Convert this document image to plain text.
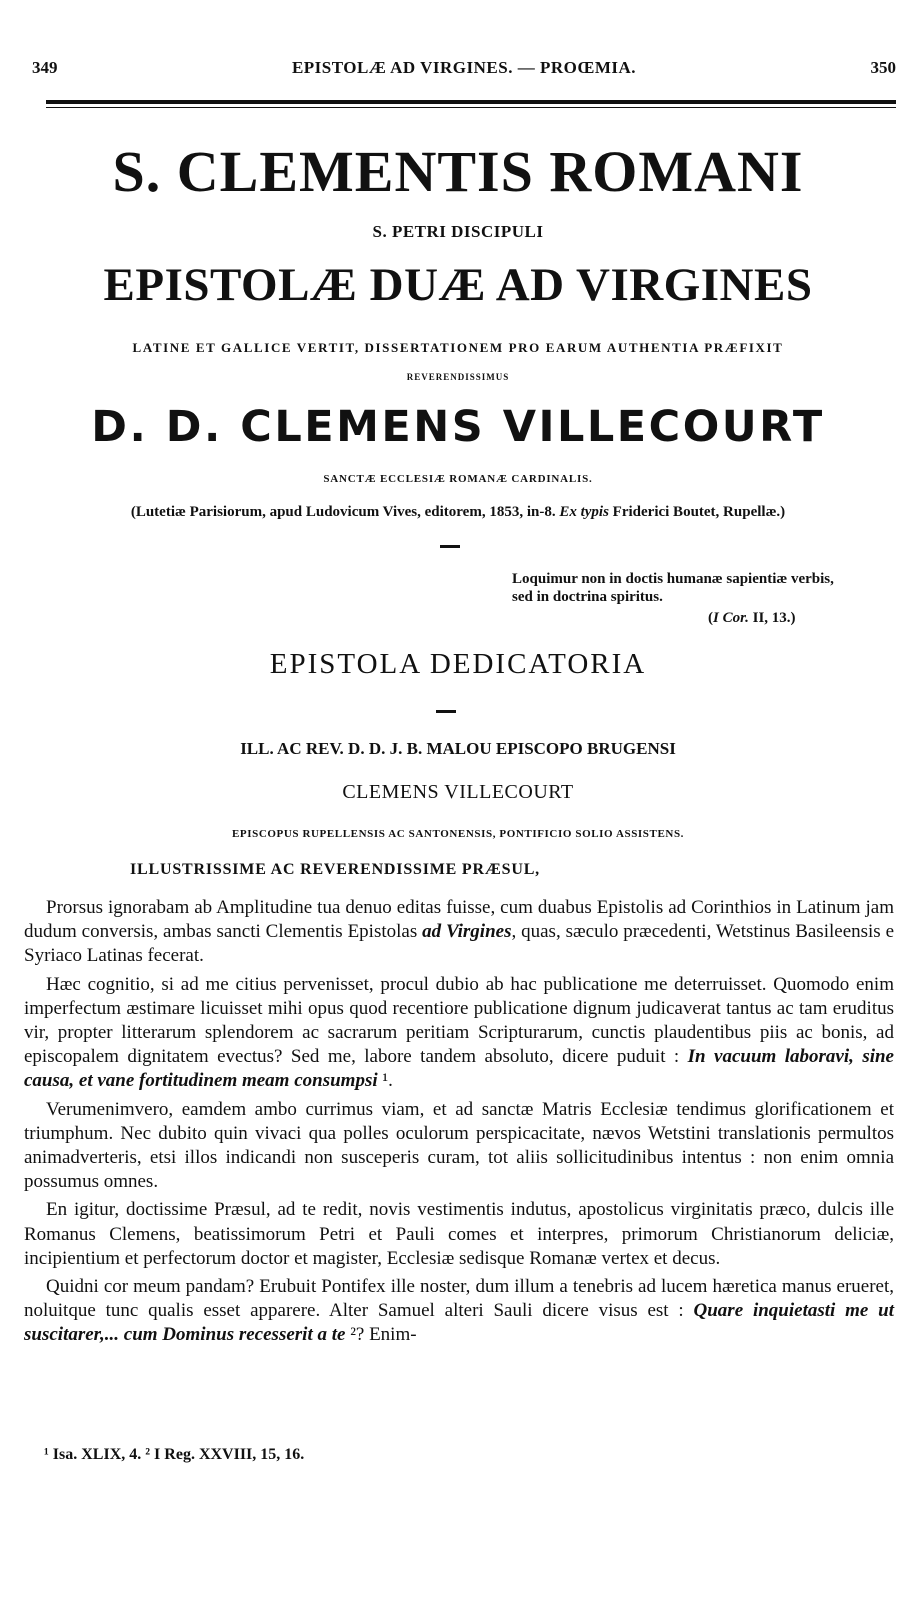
349	EPISTOLÆ AD VIRGINES. — PROŒMIA.	350
S. CLEMENTIS ROMANI
S. PETRI DISCIPULI
EPISTOLÆ DUÆ AD VIRGINES
LATINE ET GALLICE VERTIT, DISSERTATIONEM PRO EARUM AUTHENTIA PRÆFIXIT
REVERENDISSIMUS
D. D. CLEMENS VILLECOURT
SANCTÆ ECCLESIÆ ROMANÆ CARDINALIS.
(Lutetiæ Parisiorum, apud Ludovicum Vives, editorem, 1853, in-8. Ex typis Friderici Boutet, Rupellæ.)
Loquimur non in doctis humanæ sapientiæ verbis,
sed in doctrina spiritus.
(I Cor. II, 13.)
EPISTOLA DEDICATORIA
ILL. AC REV. D. D. J. B. MALOU EPISCOPO BRUGENSI
CLEMENS VILLECOURT
EPISCOPUS RUPELLENSIS AC SANTONENSIS, PONTIFICIO SOLIO ASSISTENS.
ILLUSTRISSIME AC REVERENDISSIME PRÆSUL,

Prorsus ignorabam ab Amplitudine tua denuo editas fuisse, cum duabus Epistolis ad Corinthios in Latinum jam dudum conversis, ambas sancti Clementis Epistolas ad Virgines, quas, sæculo præcedenti, Wetstinus Basileensis e Syriaco Latinas fecerat.

Hæc cognitio, si ad me citius pervenisset, procul dubio ab hac publicatione me deterruisset. Quomodo enim imperfectum æstimare licuisset mihi opus quod recentiore publicatione dignum judicaverat tantus ac tam eruditus vir, propter litterarum splendorem ac sacrarum peritiam Scripturarum, cunctis plaudentibus piis ac bonis, ad episcopalem dignitatem evectus? Sed me, labore tandem absoluto, dicere puduit : In vacuum laboravi, sine causa, et vane fortitudinem meam consumpsi ¹.

Verumenimvero, eamdem ambo currimus viam, et ad sanctæ Matris Ecclesiæ tendimus glorificationem et triumphum. Nec dubito quin vivaci qua polles oculorum perspicacitate, nævos Wetstini translationis permultos animadverteris, etsi illos indicandi non susceperis curam, tot aliis sollicitudinibus intentus : non enim omnia possumus omnes.

En igitur, doctissime Præsul, ad te redit, novis vestimentis indutus, apostolicus virginitatis præco, dulcis ille Romanus Clemens, beatissimorum Petri et Pauli comes et interpres, primorum Christianorum deliciæ, incipientium et perfectorum doctor et magister, Ecclesiæ sedisque Romanæ vertex et decus.

Quidni cor meum pandam? Erubuit Pontifex ille noster, dum illum a tenebris ad lucem hæretica manus erueret, noluitque tunc qualis esset apparere. Alter Samuel alteri Sauli dicere visus est : Quare inquietasti me ut suscitarer,... cum Dominus recesserit a te ²? Enim-

¹ Isa. XLIX, 4. ² I Reg. XXVIII, 15, 16.
